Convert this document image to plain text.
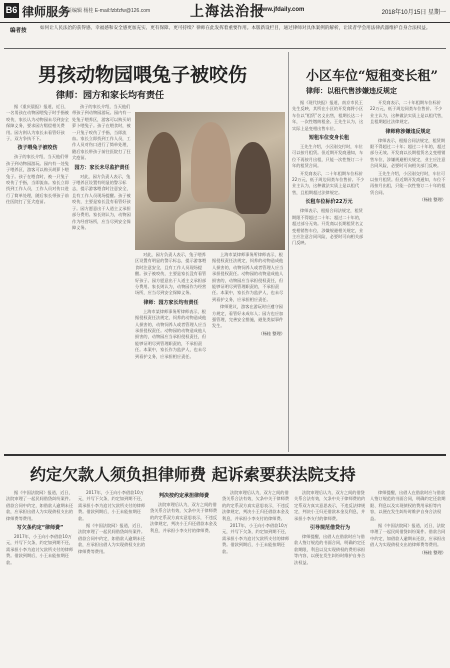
B6 律师服务
责任编辑 杨桂 E-mail:fzbfzfw@126.com	上海法治报
www.jfdaily.com	2018年10月15日 星期一
编者按	如何让人民法治的获得感、幸福感和安全感更加充实、更有保障、更可持续？律师在此发挥着重要作用。本版新设栏目，通过律师对具体案例的解析，让读者学会用法律武器维护自身合法权益。
男孩动物园喂兔子被咬伤
律师：园方和家长均有责任

据《重庆晨报》报道，近日，一名男孩在动物园喂兔子时手指被咬伤，家长认为动物园未尽到安全保障义务，要求园方赔偿相关费用。园方则认为家长未看管好孩子，双方争执不下。

孩子喂兔子被咬伤

孩子的家长介绍，当天他们带孩子到动物园游玩。园内有一处兔子喂养区，游客可以购买胡萝卜喂兔子。孩子在喂食时，被一只兔子咬伤了手指，当即流血。家长立即找到工作人员，工作人员对伤口进行了简单处理，随后家长带孩子前往医院打了狂犬疫苗。

孩子的家长介绍，当天他们带孩子到动物园游玩。园内有一处兔子喂养区，游客可以购买胡萝卜喂兔子。孩子在喂食时，被一只兔子咬伤了手指，当即流血。家长立即找到工作人员，工作人员对伤口进行了简单处理，随后家长带孩子前往医院打了狂犬疫苗。

园方：家长未尽监护责任

对此，园方负责人表示，兔子喂养区设置有明显的警示标志，提示游客喂食时注意安全，且有工作人员现场提醒。孩子被咬伤，主要是家长没有看管好孩子。园方愿意出于人道主义承担部分费用。家长则认为，动物园作为经营场所，应当尽到安全保障义务。

对此，园方负责人表示，兔子喂养区设置有明显的警示标志，提示游客喂食时注意安全，且有工作人员现场提醒。孩子被咬伤，主要是家长没有看管好孩子。园方愿意出于人道主义承担部分费用。家长则认为，动物园作为经营场所，应当尽到安全保障义务。

律师：园方家长均有责任

上海市某律师事务所律师表示，根据侵权责任法规定，饲养的动物造成他人损害的，动物饲养人或者管理人应当承担侵权责任。动物园的动物造成他人损害的，动物园应当承担侵权责任，但能够证明尽到管理职责的，不承担责任。本案中，家长作为监护人，也未尽到看护义务，应承担相应责任。

上海市某律师事务所律师表示，根据侵权责任法规定，饲养的动物造成他人损害的，动物饲养人或者管理人应当承担侵权责任。动物园的动物造成他人损害的，动物园应当承担侵权责任，但能够证明尽到管理职责的，不承担责任。本案中，家长作为监护人，也未尽到看护义务，应承担相应责任。

律师建议，游客在游玩时应遵守园方规定，看管好未成年人；园方也应加强管理，完善安全措施，避免类似事件发生。

（杨桂 整理）
小区车位“短租变长租”
律师：以租代售涉嫌违反规定

据《现代快报》报道，南京市民王先生反映，其所在小区的开发商将小区车位以“租赁”名义出售，租期长达二十年，一次性缴纳租金。王先生认为，这实际上是变相出售车位。

短租车位变身长租

王先生介绍，小区刚交付时，车位可以按月租赁。但近期开发商通知，车位不再按月出租，只能一次性签订二十年的租赁合同。

开发商表示，二十年租期车位标价22万元，低于周边同类车位售价。不少业主认为，这种做法实质上是以租代售，且租期超过法律规定。

长租车位标价22万元

律师表示，根据合同法规定，租赁期限不得超过二十年；超过二十年的，超过部分无效。开发商以长期租赁名义变相销售车位，涉嫌规避相关规定，业主应注意合同风险，必要时可向相关部门反映。

开发商表示，二十年租期车位标价22万元，低于周边同类车位售价。不少业主认为，这种做法实质上是以租代售，且租期超过法律规定。

律师称涉嫌违反规定

律师表示，根据合同法规定，租赁期限不得超过二十年；超过二十年的，超过部分无效。开发商以长期租赁名义变相销售车位，涉嫌规避相关规定，业主应注意合同风险，必要时可向相关部门反映。

王先生介绍，小区刚交付时，车位可以按月租赁。但近期开发商通知，车位不再按月出租，只能一次性签订二十年的租赁合同。

（杨桂 整理）
约定欠款人须负担律师费 起诉索要获法院支持

据《中国法院网》报道，近日，法院审理了一起民间借贷纠纷案件。借款合同中约定，如借款人逾期未还款，应承担出借人为实现债权支出的律师费等费用。

写欠条约定“律师费”

2017年，小王向小李借款10万元，并写下欠条，约定如到期不还，需承担小李为追讨欠款所支付的律师费。借款到期后，小王未能按期还款。

2017年，小王向小李借款10万元，并写下欠条，约定如到期不还，需承担小李为追讨欠款所支付的律师费。借款到期后，小王未能按期还款。

据《中国法院网》报道，近日，法院审理了一起民间借贷纠纷案件。借款合同中约定，如借款人逾期未还款，应承担出借人为实现债权支出的律师费等费用。

判决按约定承担律师费

法院审理后认为，双方之间的借贷关系合法有效，欠条中关于律师费的约定系双方真实意思表示，不违反法律规定，判决小王归还借款本金及利息，并承担小李支付的律师费。

法院审理后认为，双方之间的借贷关系合法有效，欠条中关于律师费的约定系双方真实意思表示，不违反法律规定，判决小王归还借款本金及利息，并承担小李支付的律师费。

2017年，小王向小李借款10万元，并写下欠条，约定如到期不还，需承担小李为追讨欠款所支付的律师费。借款到期后，小王未能按期还款。

法院审理后认为，双方之间的借贷关系合法有效，欠条中关于律师费的约定系双方真实意思表示，不违反法律规定，判决小王归还借款本金及利息，并承担小李支付的律师费。

引导规范借贷行为

律师提醒，出借人在借款时应与借款人签订规范的书面合同，明确约定还款期限、利息以及实现债权的费用承担等内容，以便在发生纠纷时维护自身合法权益。

律师提醒，出借人在借款时应与借款人签订规范的书面合同，明确约定还款期限、利息以及实现债权的费用承担等内容，以便在发生纠纷时维护自身合法权益。

据《中国法院网》报道，近日，法院审理了一起民间借贷纠纷案件。借款合同中约定，如借款人逾期未还款，应承担出借人为实现债权支出的律师费等费用。

（杨桂 整理）
